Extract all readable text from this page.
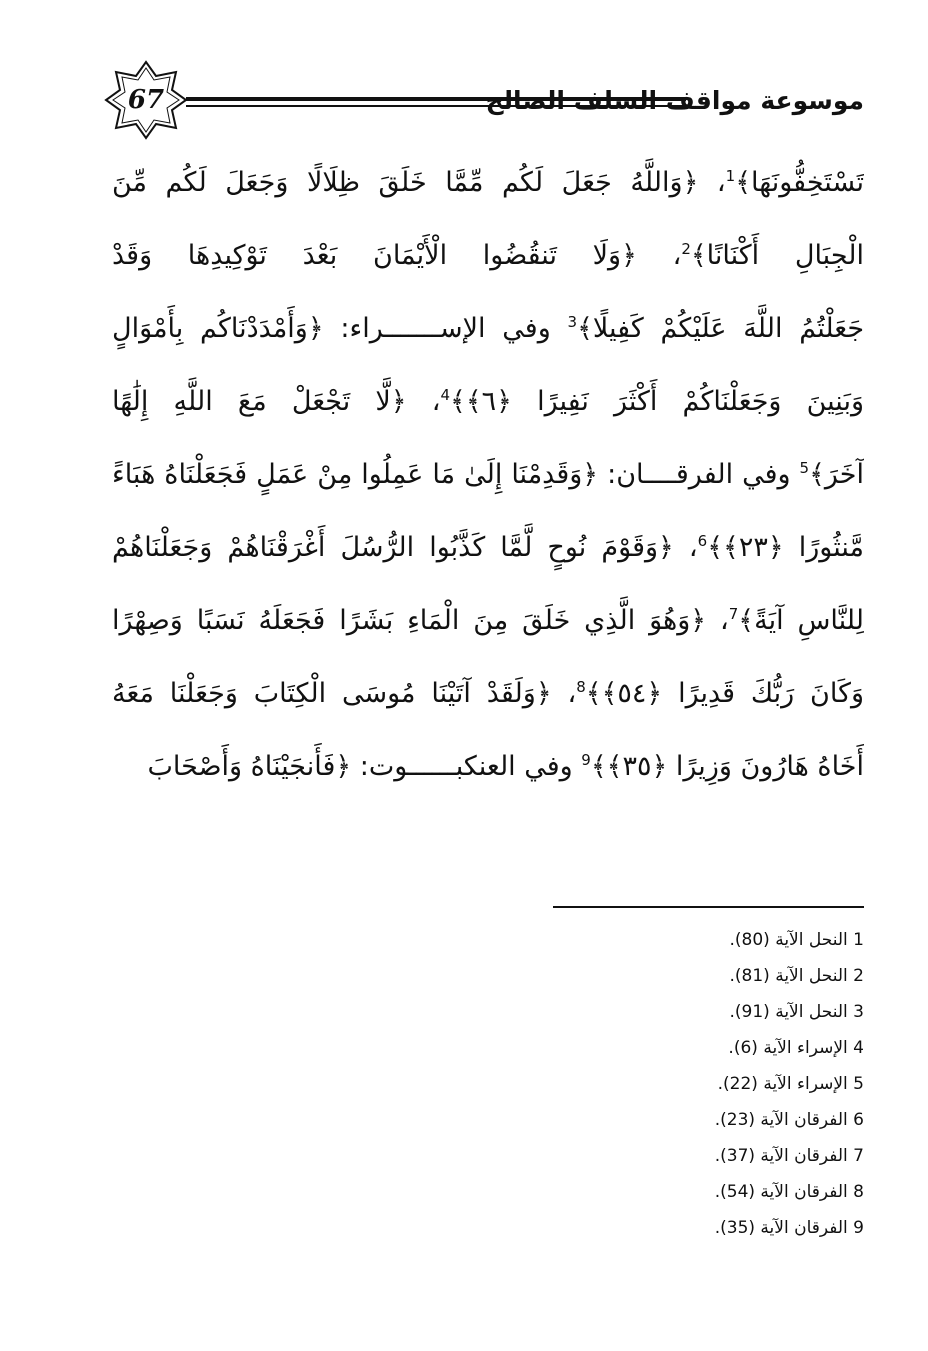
67	موسوعة مواقف السلف الصالح
تَسْتَخِفُّونَهَا﴾$^1$، ﴿وَاللَّهُ جَعَلَ لَكُم مِّمَّا خَلَقَ ظِلَالًا وَجَعَلَ لَكُم مِّنَ
الْجِبَالِ أَكْنَانًا﴾$^2$، ﴿وَلَا تَنقُضُوا الْأَيْمَانَ بَعْدَ تَوْكِيدِهَا وَقَدْ
جَعَلْتُمُ اللَّهَ عَلَيْكُمْ كَفِيلًا﴾$^3$ وفي الإســـــــراء: ﴿وَأَمْدَدْنَاكُم بِأَمْوَالٍ
وَبَنِينَ وَجَعَلْنَاكُمْ أَكْثَرَ نَفِيرًا ﴿٦﴾﴾$^4$، ﴿لَّا تَجْعَلْ مَعَ اللَّهِ إِلَٰهًا
آخَرَ﴾$^5$ وفي الفرقــــان: ﴿وَقَدِمْنَا إِلَىٰ مَا عَمِلُوا مِنْ عَمَلٍ فَجَعَلْنَاهُ هَبَاءً
مَّنثُورًا ﴿٢٣﴾﴾$^6$، ﴿وَقَوْمَ نُوحٍ لَّمَّا كَذَّبُوا الرُّسُلَ أَغْرَقْنَاهُمْ وَجَعَلْنَاهُمْ
لِلنَّاسِ آيَةً﴾$^7$، ﴿وَهُوَ الَّذِي خَلَقَ مِنَ الْمَاءِ بَشَرًا فَجَعَلَهُ نَسَبًا وَصِهْرًا
وَكَانَ رَبُّكَ قَدِيرًا ﴿٥٤﴾﴾$^8$، ﴿وَلَقَدْ آتَيْنَا مُوسَى الْكِتَابَ وَجَعَلْنَا مَعَهُ
أَخَاهُ هَارُونَ وَزِيرًا ﴿٣٥﴾﴾$^9$ وفي العنكبــــــوت: ﴿فَأَنجَيْنَاهُ وَأَصْحَابَ
1 النحل الآية (80).
2 النحل الآية (81).
3 النحل الآية (91).
4 الإسراء الآية (6).
5 الإسراء الآية (22).
6 الفرقان الآية (23).
7 الفرقان الآية (37).
8 الفرقان الآية (54).
9 الفرقان الآية (35).
